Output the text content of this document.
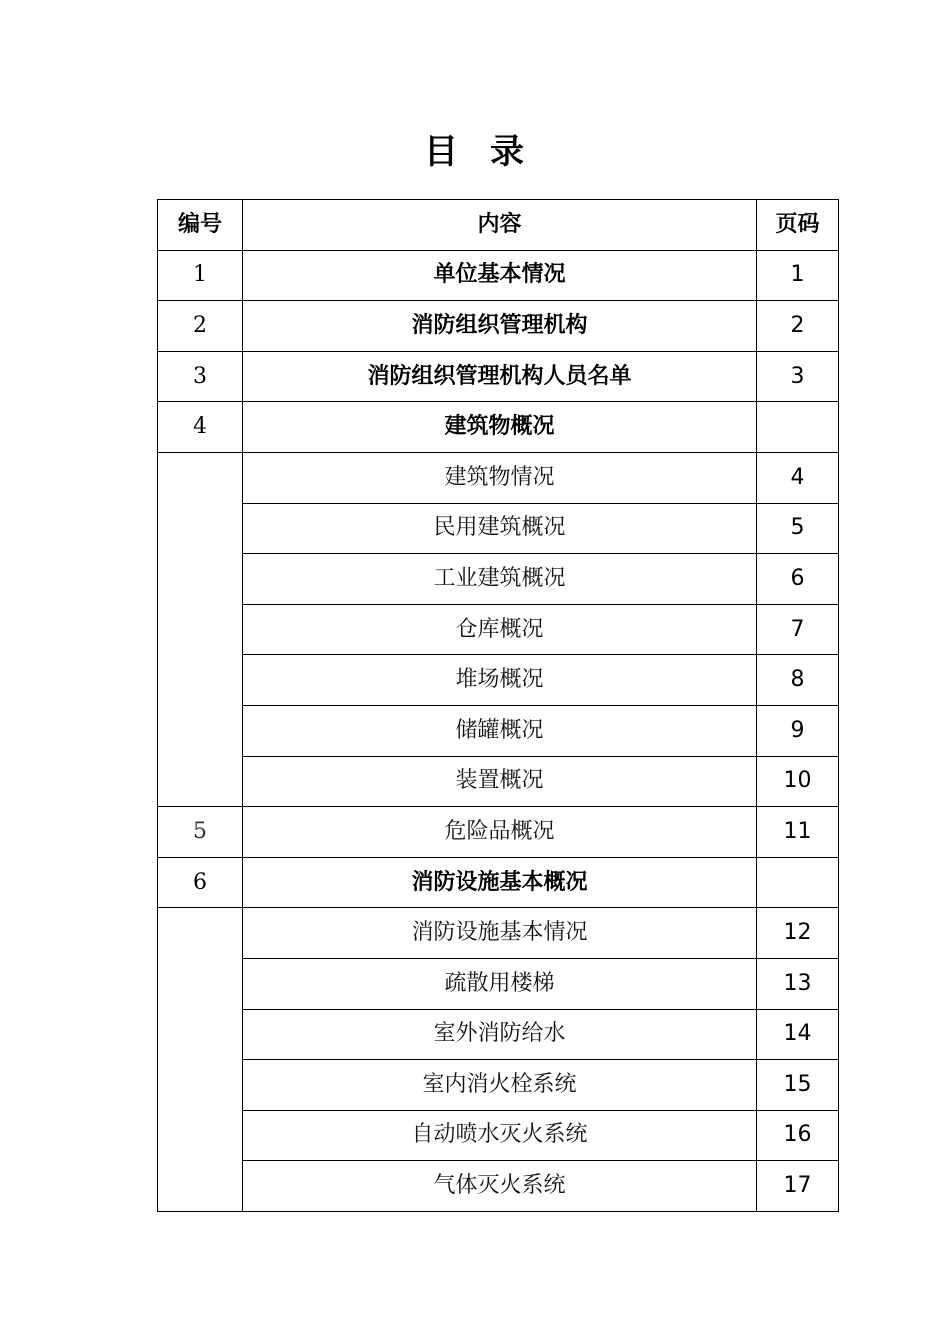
目 录
编号	内容	页码
1	单位基本情况	1
2	消防组织管理机构	2
3	消防组织管理机构人员名单	3
4	建筑物概况	
	建筑物情况	4
	民用建筑概况	5
	工业建筑概况	6
	仓库概况	7
	堆场概况	8
	储罐概况	9
	装置概况	10
5	危险品概况	11
6	消防设施基本概况	
	消防设施基本情况	12
	疏散用楼梯	13
	室外消防给水	14
	室内消火栓系统	15
	自动喷水灭火系统	16
	气体灭火系统	17
